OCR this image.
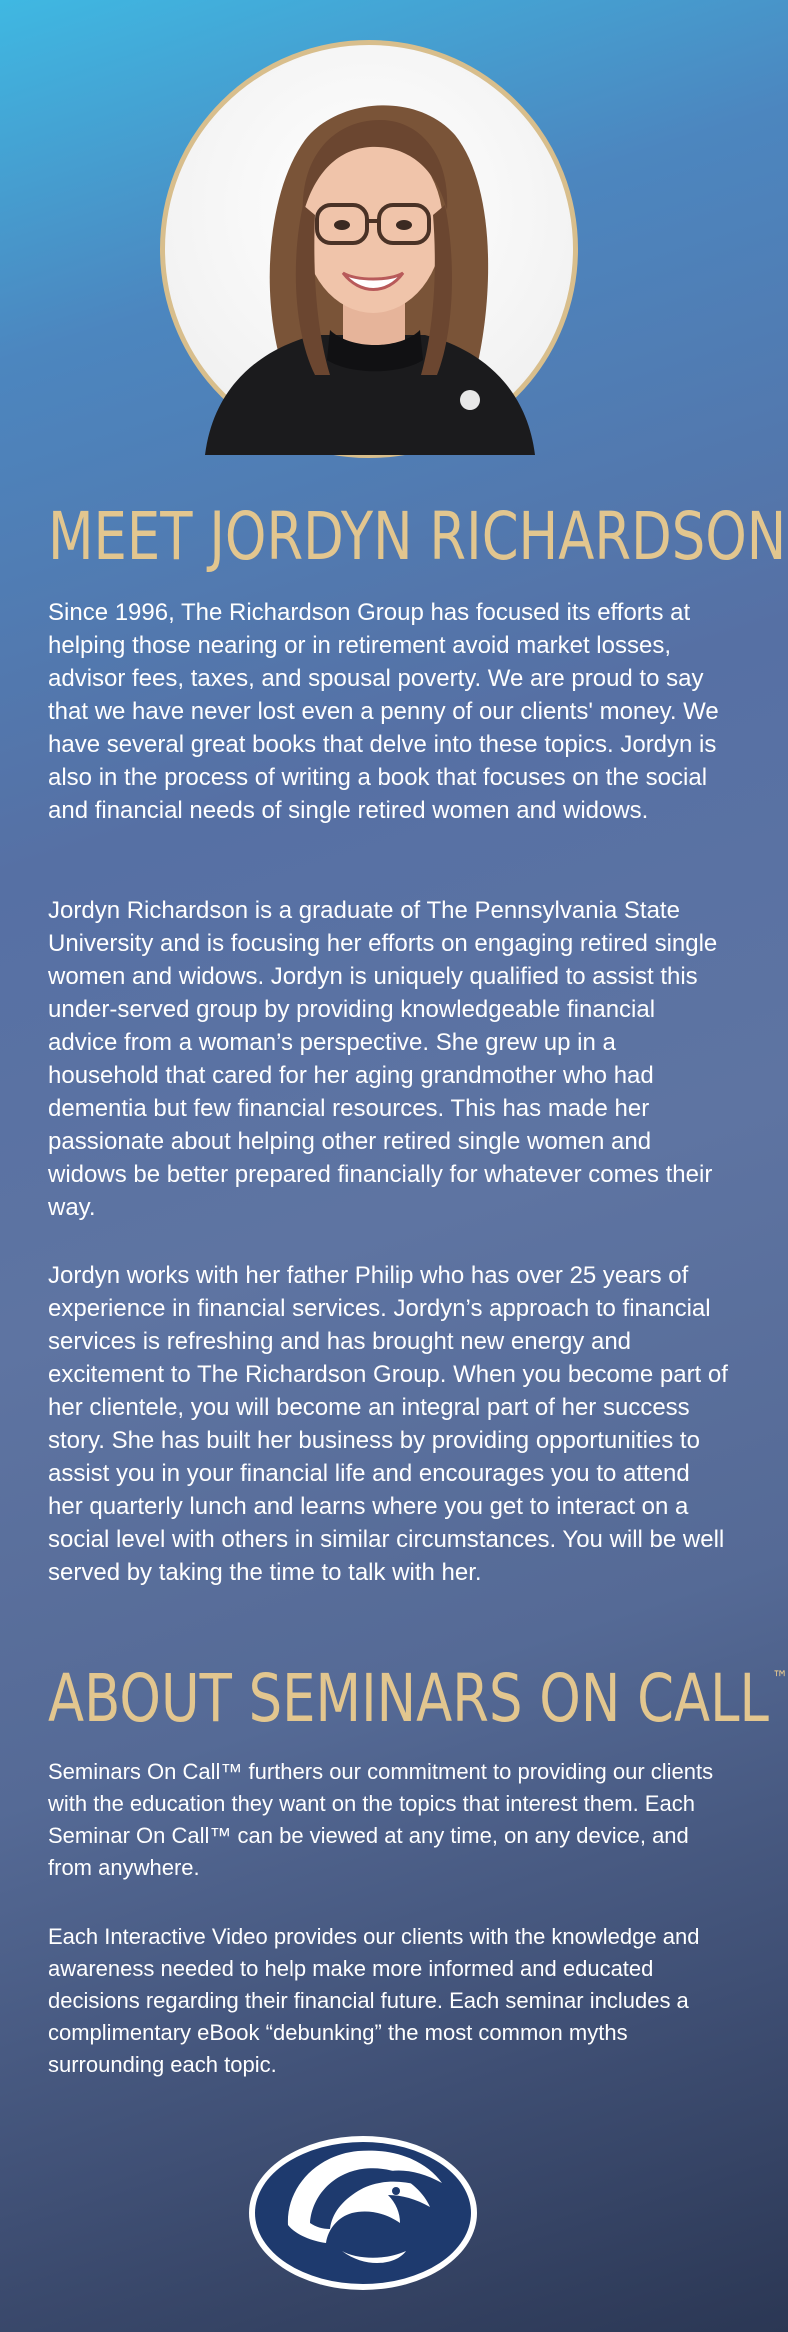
MEET JORDYN RICHARDSON

Since 1996, The Richardson Group has focused its efforts at helping those nearing or in retirement avoid market losses, advisor fees, taxes, and spousal poverty. We are proud to say that we have never lost even a penny of our clients' money. We have several great books that delve into these topics. Jordyn is also in the process of writing a book that focuses on the social and financial needs of single retired women and widows.

Jordyn Richardson is a graduate of The Pennsylvania State University and is focusing her efforts on engaging retired single women and widows. Jordyn is uniquely qualified to assist this under-served group by providing knowledgeable financial advice from a woman’s perspective. She grew up in a household that cared for her aging grandmother who had dementia but few financial resources. This has made her passionate about helping other retired single women and widows be better prepared financially for whatever comes their way.

Jordyn works with her father Philip who has over 25 years of experience in financial services. Jordyn’s approach to financial services is refreshing and has brought new energy and excitement to The Richardson Group. When you become part of her clientele, you will become an integral part of her success story. She has built her business by providing opportunities to assist you in your financial life and encourages you to attend her quarterly lunch and learns where you get to interact on a social level with others in similar circumstances. You will be well served by taking the time to talk with her.

ABOUT SEMINARS ON CALL ™

Seminars On Call™ furthers our commitment to providing our clients with the education they want on the topics that interest them. Each Seminar On Call™ can be viewed at any time, on any device, and from anywhere.

Each Interactive Video provides our clients with the knowledge and awareness needed to help make more informed and educated decisions regarding their financial future. Each seminar includes a complimentary eBook “debunking” the most common myths surrounding each topic.
